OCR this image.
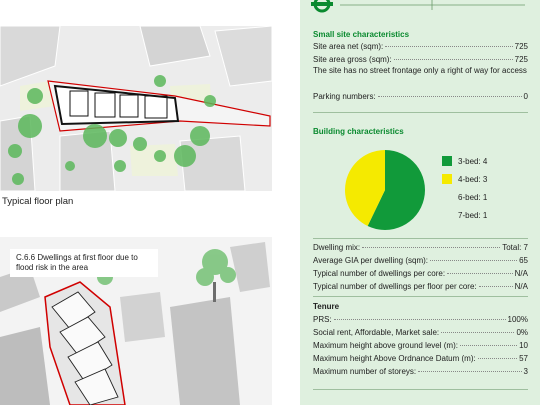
Typical floor plan
C.6.6 Dwellings at first floor due to flood risk in the area
Small site characteristics
Site area net (sqm):	725
Site area gross (sqm):	725
The site has no street frontage only a right of way for access
Parking numbers:	0
Building characteristics
3-bed: 4
4-bed: 3
6-bed: 1
7-bed: 1
Dwelling mix:	Total: 7
Average GIA per dwelling (sqm):	65
Typical number of dwellings per core:	N/A
Typical number of dwellings per floor per core:	N/A
Tenure
PRS:	100%
Social rent, Affordable, Market sale:	0%
Maximum height above ground level (m):	10
Maximum height Above Ordnance Datum (m):	57
Maximum number of storeys:	3
